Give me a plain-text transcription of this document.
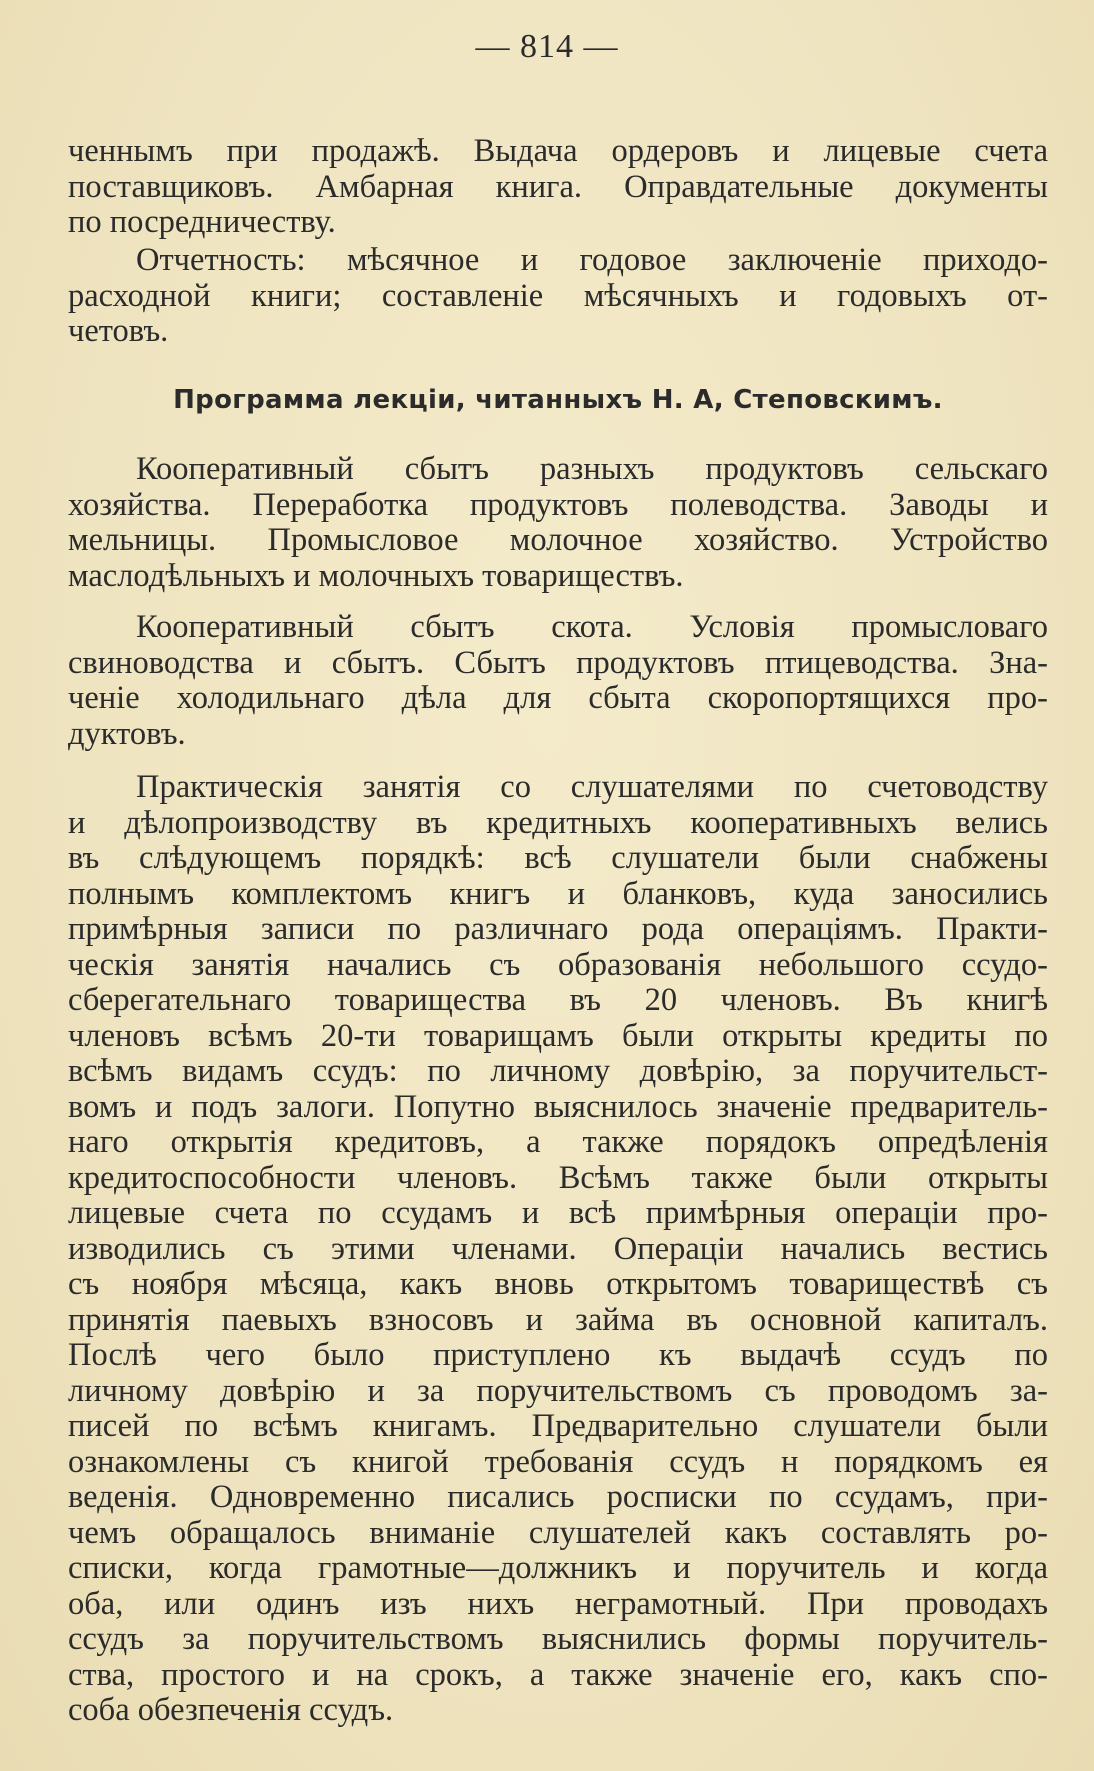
— 814 —
ченнымъ при продажѣ. Выдача ордеровъ и лицевые счета
поставщиковъ. Амбарная книга. Оправдательные документы
по посредничеству.
Отчетность: мѣсячное и годовое заключенiе приходо-
расходной книги; составленiе мѣсячныхъ и годовыхъ от-
четовъ.
Программа лекцiи, читанныхъ Н. А, Степовскимъ.
Кооперативный сбытъ разныхъ продуктовъ сельскаго
хозяйства. Переработка продуктовъ полеводства. Заводы и
мельницы. Промысловое молочное хозяйство. Устройство
маслодѣльныхъ и молочныхъ товариществъ.
Кооперативный сбытъ скота. Условiя промысловаго
свиноводства и сбытъ. Сбытъ продуктовъ птицеводства. Зна-
ченiе холодильнаго дѣла для сбыта скоропортящихся про-
дуктовъ.
Практическiя занятiя со слушателями по счетоводству
и дѣлопроизводству въ кредитныхъ кооперативныхъ велись
въ слѣдующемъ порядкѣ: всѣ слушатели были снабжены
полнымъ комплектомъ книгъ и бланковъ, куда заносились
примѣрныя записи по различнаго рода операцiямъ. Практи-
ческiя занятiя начались съ образованiя небольшого ссудо-
сберегательнаго товарищества въ 20 членовъ. Въ книгѣ
членовъ всѣмъ 20-ти товарищамъ были открыты кредиты по
всѣмъ видамъ ссудъ: по личному довѣрiю, за поручительст-
вомъ и подъ залоги. Попутно выяснилось значенiе предваритель-
наго открытiя кредитовъ, а также порядокъ опредѣленiя
кредитоспособности членовъ. Всѣмъ также были открыты
лицевые счета по ссудамъ и всѣ примѣрныя операцiи про-
изводились съ этими членами. Операцiи начались вестись
съ ноября мѣсяца, какъ вновь открытомъ товариществѣ съ
принятiя паевыхъ взносовъ и займа въ основной капиталъ.
Послѣ чего было приступлено къ выдачѣ ссудъ по
личному довѣрiю и за поручительствомъ съ проводомъ за-
писей по всѣмъ книгамъ. Предварительно слушатели были
ознакомлены съ книгой требованiя ссудъ н порядкомъ ея
веденiя. Одновременно писались росписки по ссудамъ, при-
чемъ обращалось вниманiе слушателей какъ составлять ро-
списки, когда грамотные—должникъ и поручитель и когда
оба, или одинъ изъ нихъ неграмотный. При проводахъ
ссудъ за поручительствомъ выяснились формы поручитель-
ства, простого и на срокъ, а также значенiе его, какъ спо-
соба обезпеченiя ссудъ.
